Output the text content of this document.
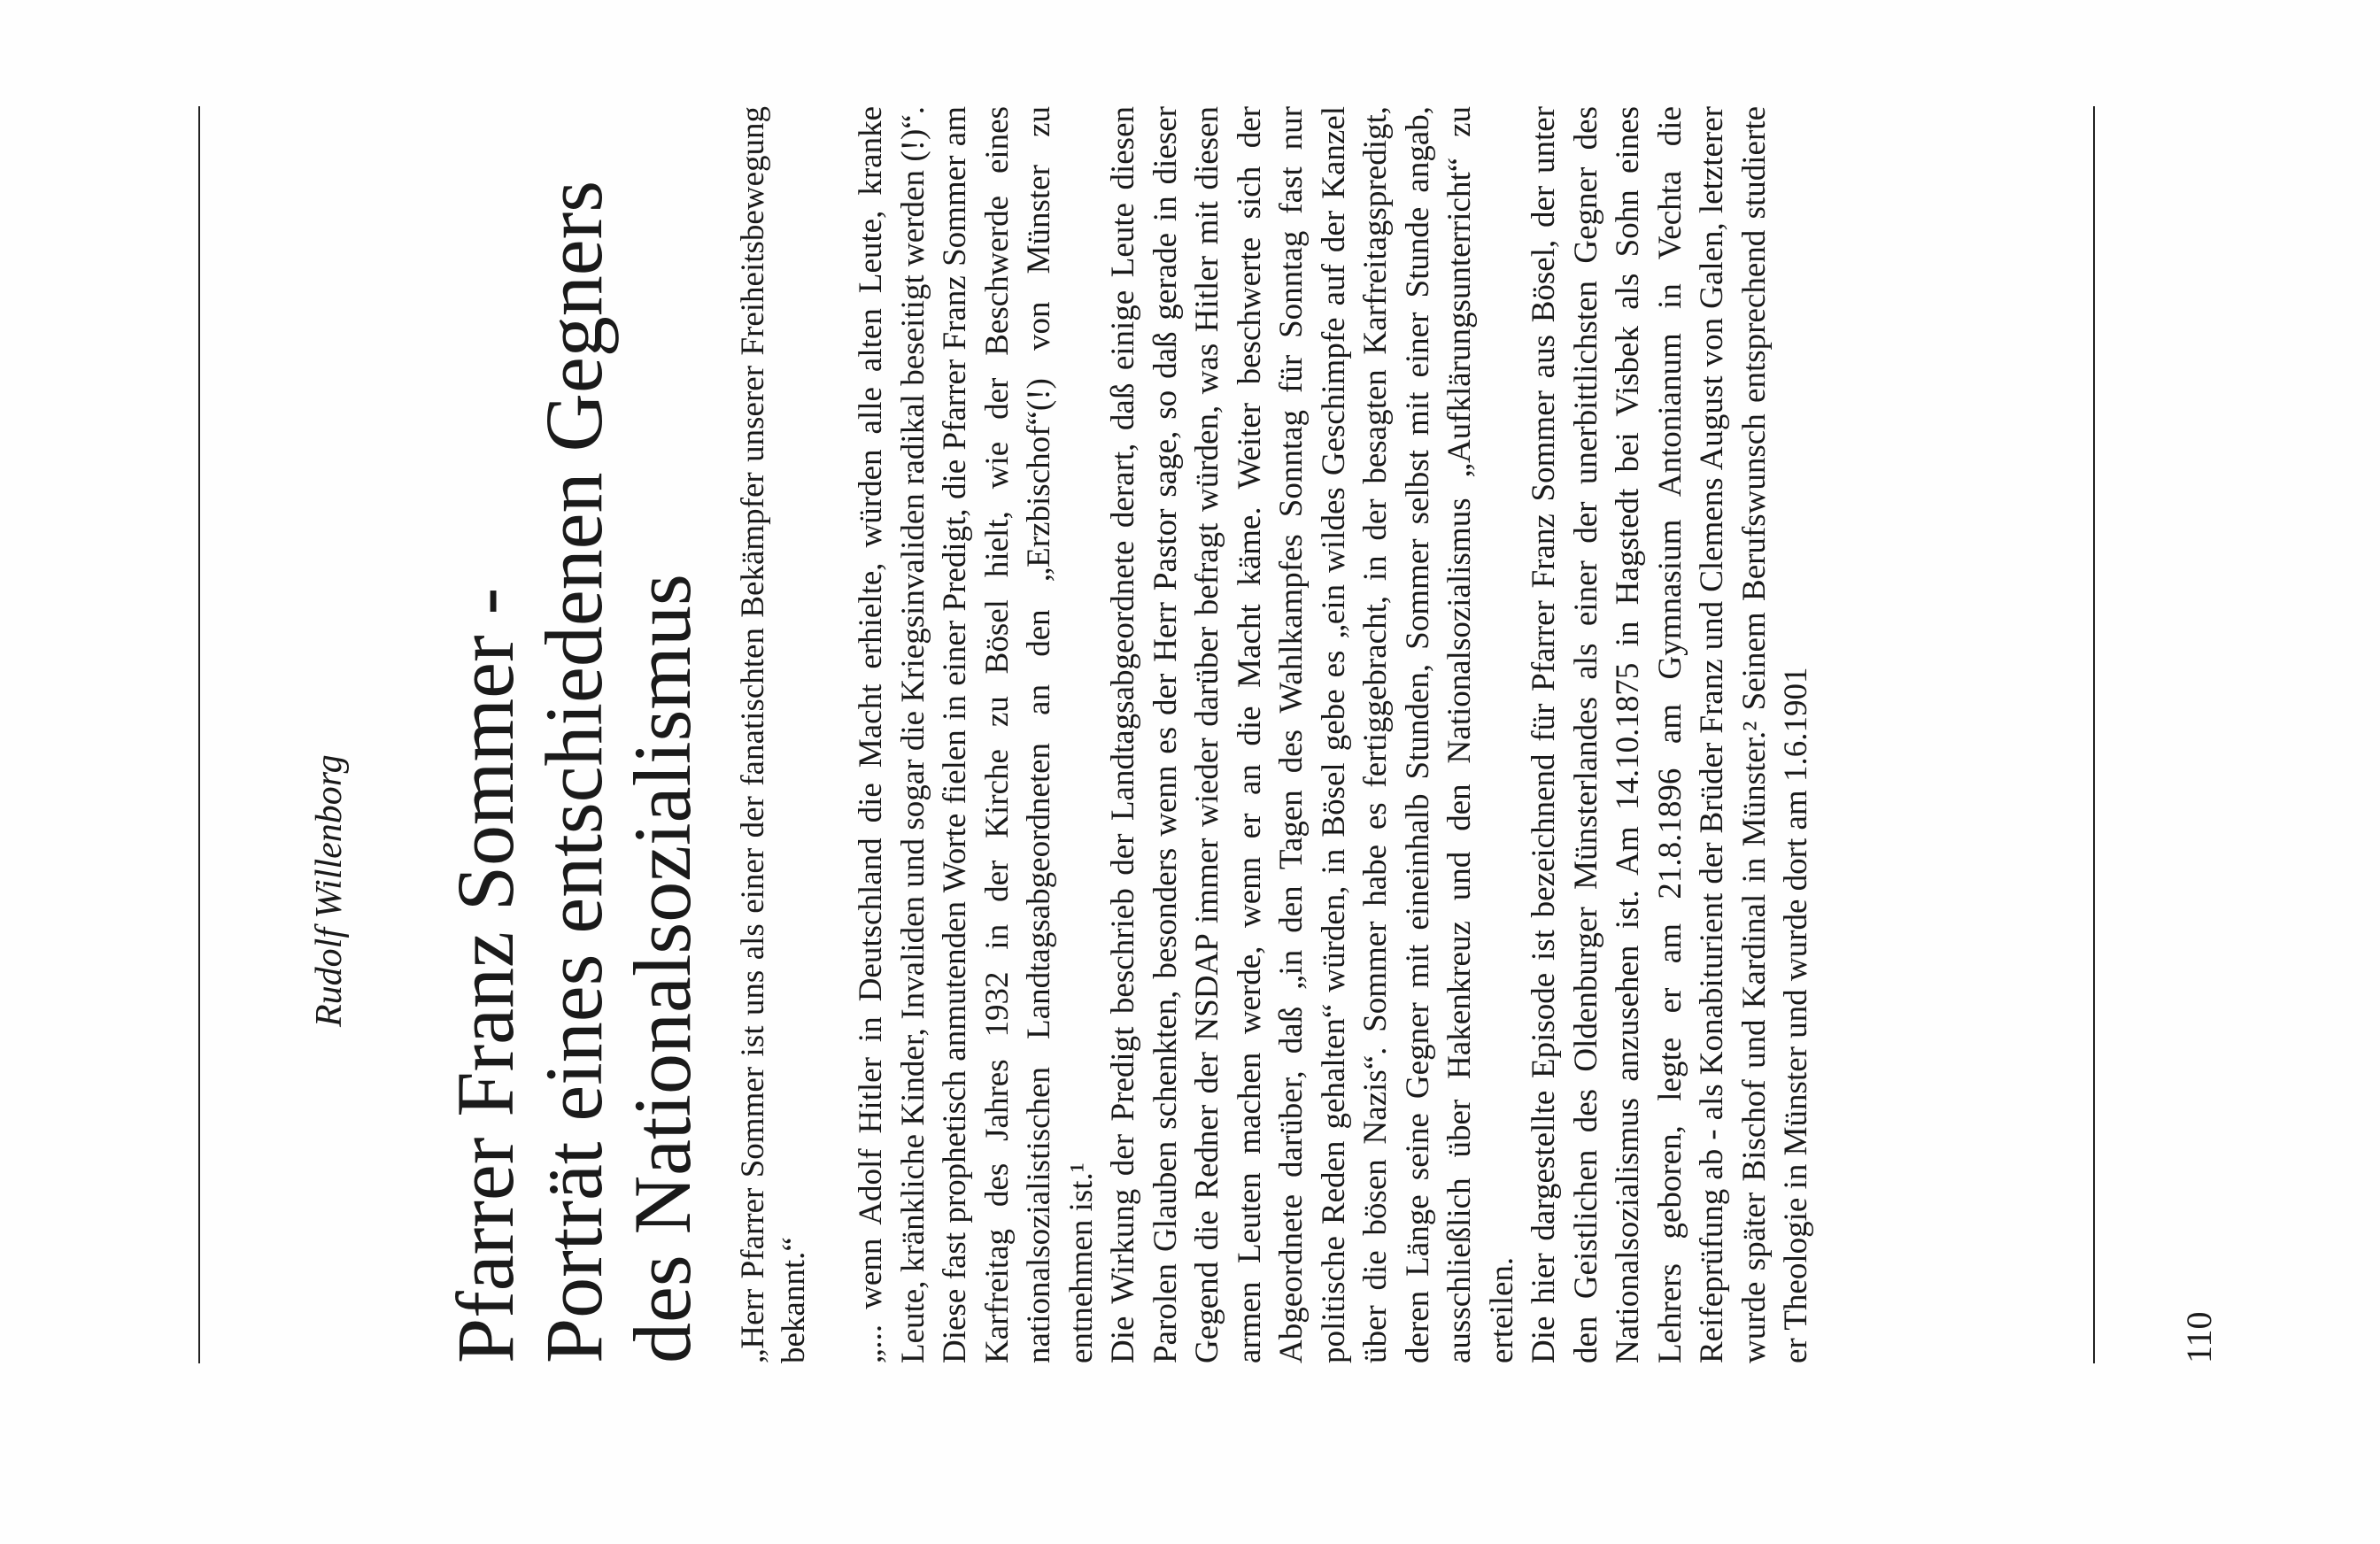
Rudolf Willenborg Pfarrer Franz Sommer -
Porträt eines entschiedenen Gegners
des Nationalsozialismus „Herr Pfarrer Sommer ist uns als einer der fanatischten Bekämpfer unserer Freiheitsbewegung bekannt.“ „... wenn Adolf Hitler in Deutschland die Macht erhielte, würden alle alten Leute, kranke Leute, kränkliche Kinder, Invaliden und sogar die Kriegsinvaliden radikal beseitigt werden (!)“. Diese fast prophetisch anmutenden Worte fielen in einer Predigt, die Pfarrer Franz Sommer am Karfreitag des Jahres 1932 in der Kirche zu Bösel hielt, wie der Beschwerde eines nationalsozialistischen Landtagsabgeordneten an den „Erzbischof“(!) von Münster zu entnehmen ist.¹ Die Wirkung der Predigt beschrieb der Landtagsabgeordnete derart, daß einige Leute diesen Parolen Glauben schenkten, besonders wenn es der Herr Pastor sage, so daß gerade in dieser Gegend die Redner der NSDAP immer wieder darüber befragt würden, was Hitler mit diesen armen Leuten machen werde, wenn er an die Macht käme. Weiter beschwerte sich der Abgeordnete darüber, daß „in den Tagen des Wahlkampfes Sonntag für Sonntag fast nur politische Reden gehalten“ würden, in Bösel gebe es „ein wildes Geschimpfe auf der Kanzel über die bösen Nazis“. Sommer habe es fertiggebracht, in der besagten Karfreitagspredigt, deren Länge seine Gegner mit eineinhalb Stunden, Sommer selbst mit einer Stunde angab, ausschließlich über Hakenkreuz und den Nationalsozialismus „Aufklärungsunterricht“ zu erteilen. Die hier dargestellte Episode ist bezeichnend für Pfarrer Franz Sommer aus Bösel, der unter den Geistlichen des Oldenburger Münsterlandes als einer der unerbittlichsten Gegner des Nationalsozialismus anzusehen ist. Am 14.10.1875 in Hagstedt bei Visbek als Sohn eines Lehrers geboren, legte er am 21.8.1896 am Gymnasium Antonianum in Vechta die Reifeprüfung ab - als Konabiturient der Brüder Franz und Clemens August von Galen, letzterer wurde später Bischof und Kardinal in Münster.² Seinem Berufswunsch entsprechend studierte er Theologie in Münster und wurde dort am 1.6.1901	110
